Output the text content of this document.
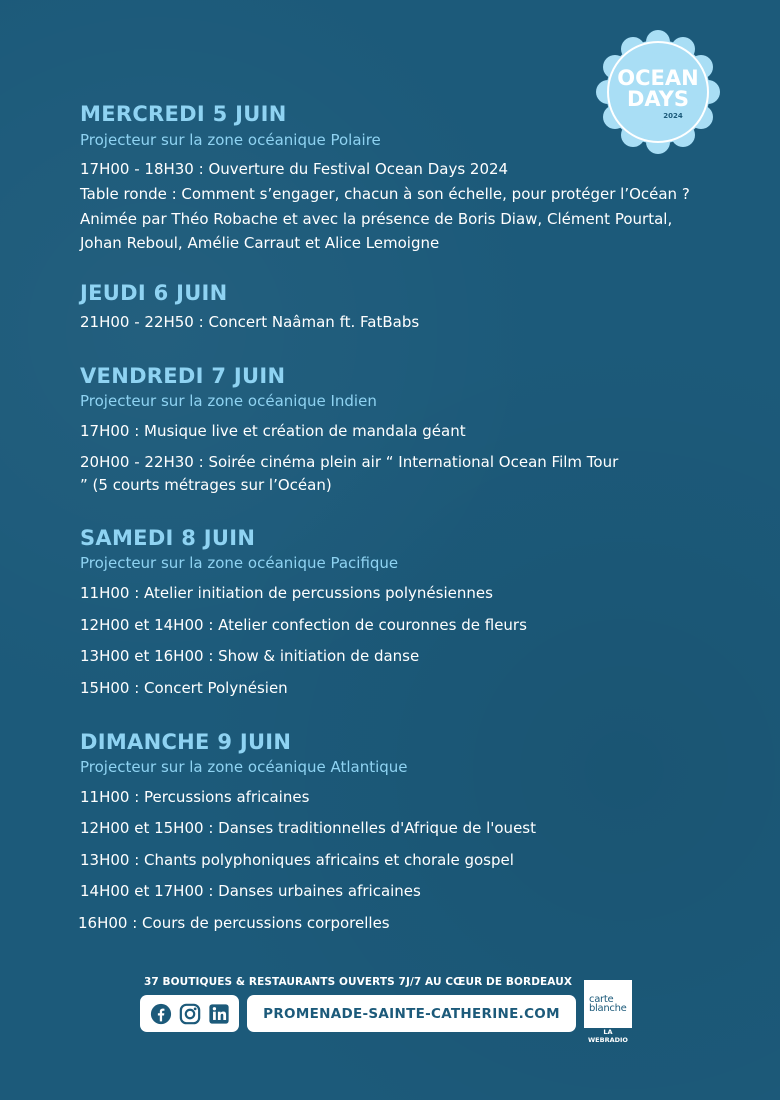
OCEAN
DAYS
2024
MERCREDI 5 JUIN

Projecteur sur la zone océanique Polaire

17H00 - 18H30 : Ouverture du Festival Ocean Days 2024

Table ronde : Comment s’engager, chacun à son échelle, pour protéger l’Océan ?

Animée par Théo Robache et avec la présence de Boris Diaw, Clément Pourtal,

Johan Reboul, Amélie Carraut et Alice Lemoigne

JEUDI 6 JUIN

21H00 - 22H50 : Concert Naâman ft. FatBabs

VENDREDI 7 JUIN

Projecteur sur la zone océanique Indien

17H00 : Musique live et création de mandala géant

20H00 - 22H30 : Soirée cinéma plein air “ International Ocean Film Tour

” (5 courts métrages sur l’Océan)

SAMEDI 8 JUIN

Projecteur sur la zone océanique Pacifique

11H00 : Atelier initiation de percussions polynésiennes

12H00 et 14H00 : Atelier confection de couronnes de fleurs

13H00 et 16H00 : Show & initiation de danse

15H00 : Concert Polynésien

DIMANCHE 9 JUIN

Projecteur sur la zone océanique Atlantique

11H00 : Percussions africaines

12H00 et 15H00 : Danses traditionnelles d'Afrique de l'ouest

13H00 : Chants polyphoniques africains et chorale gospel

14H00 et 17H00 : Danses urbaines africaines

16H00 : Cours de percussions corporelles

37 BOUTIQUES & RESTAURANTS OUVERTS 7J/7 AU CŒUR DE BORDEAUX
PROMENADE-SAINTE-CATHERINE.COM
carte
blanche
LA WEBRADIO
